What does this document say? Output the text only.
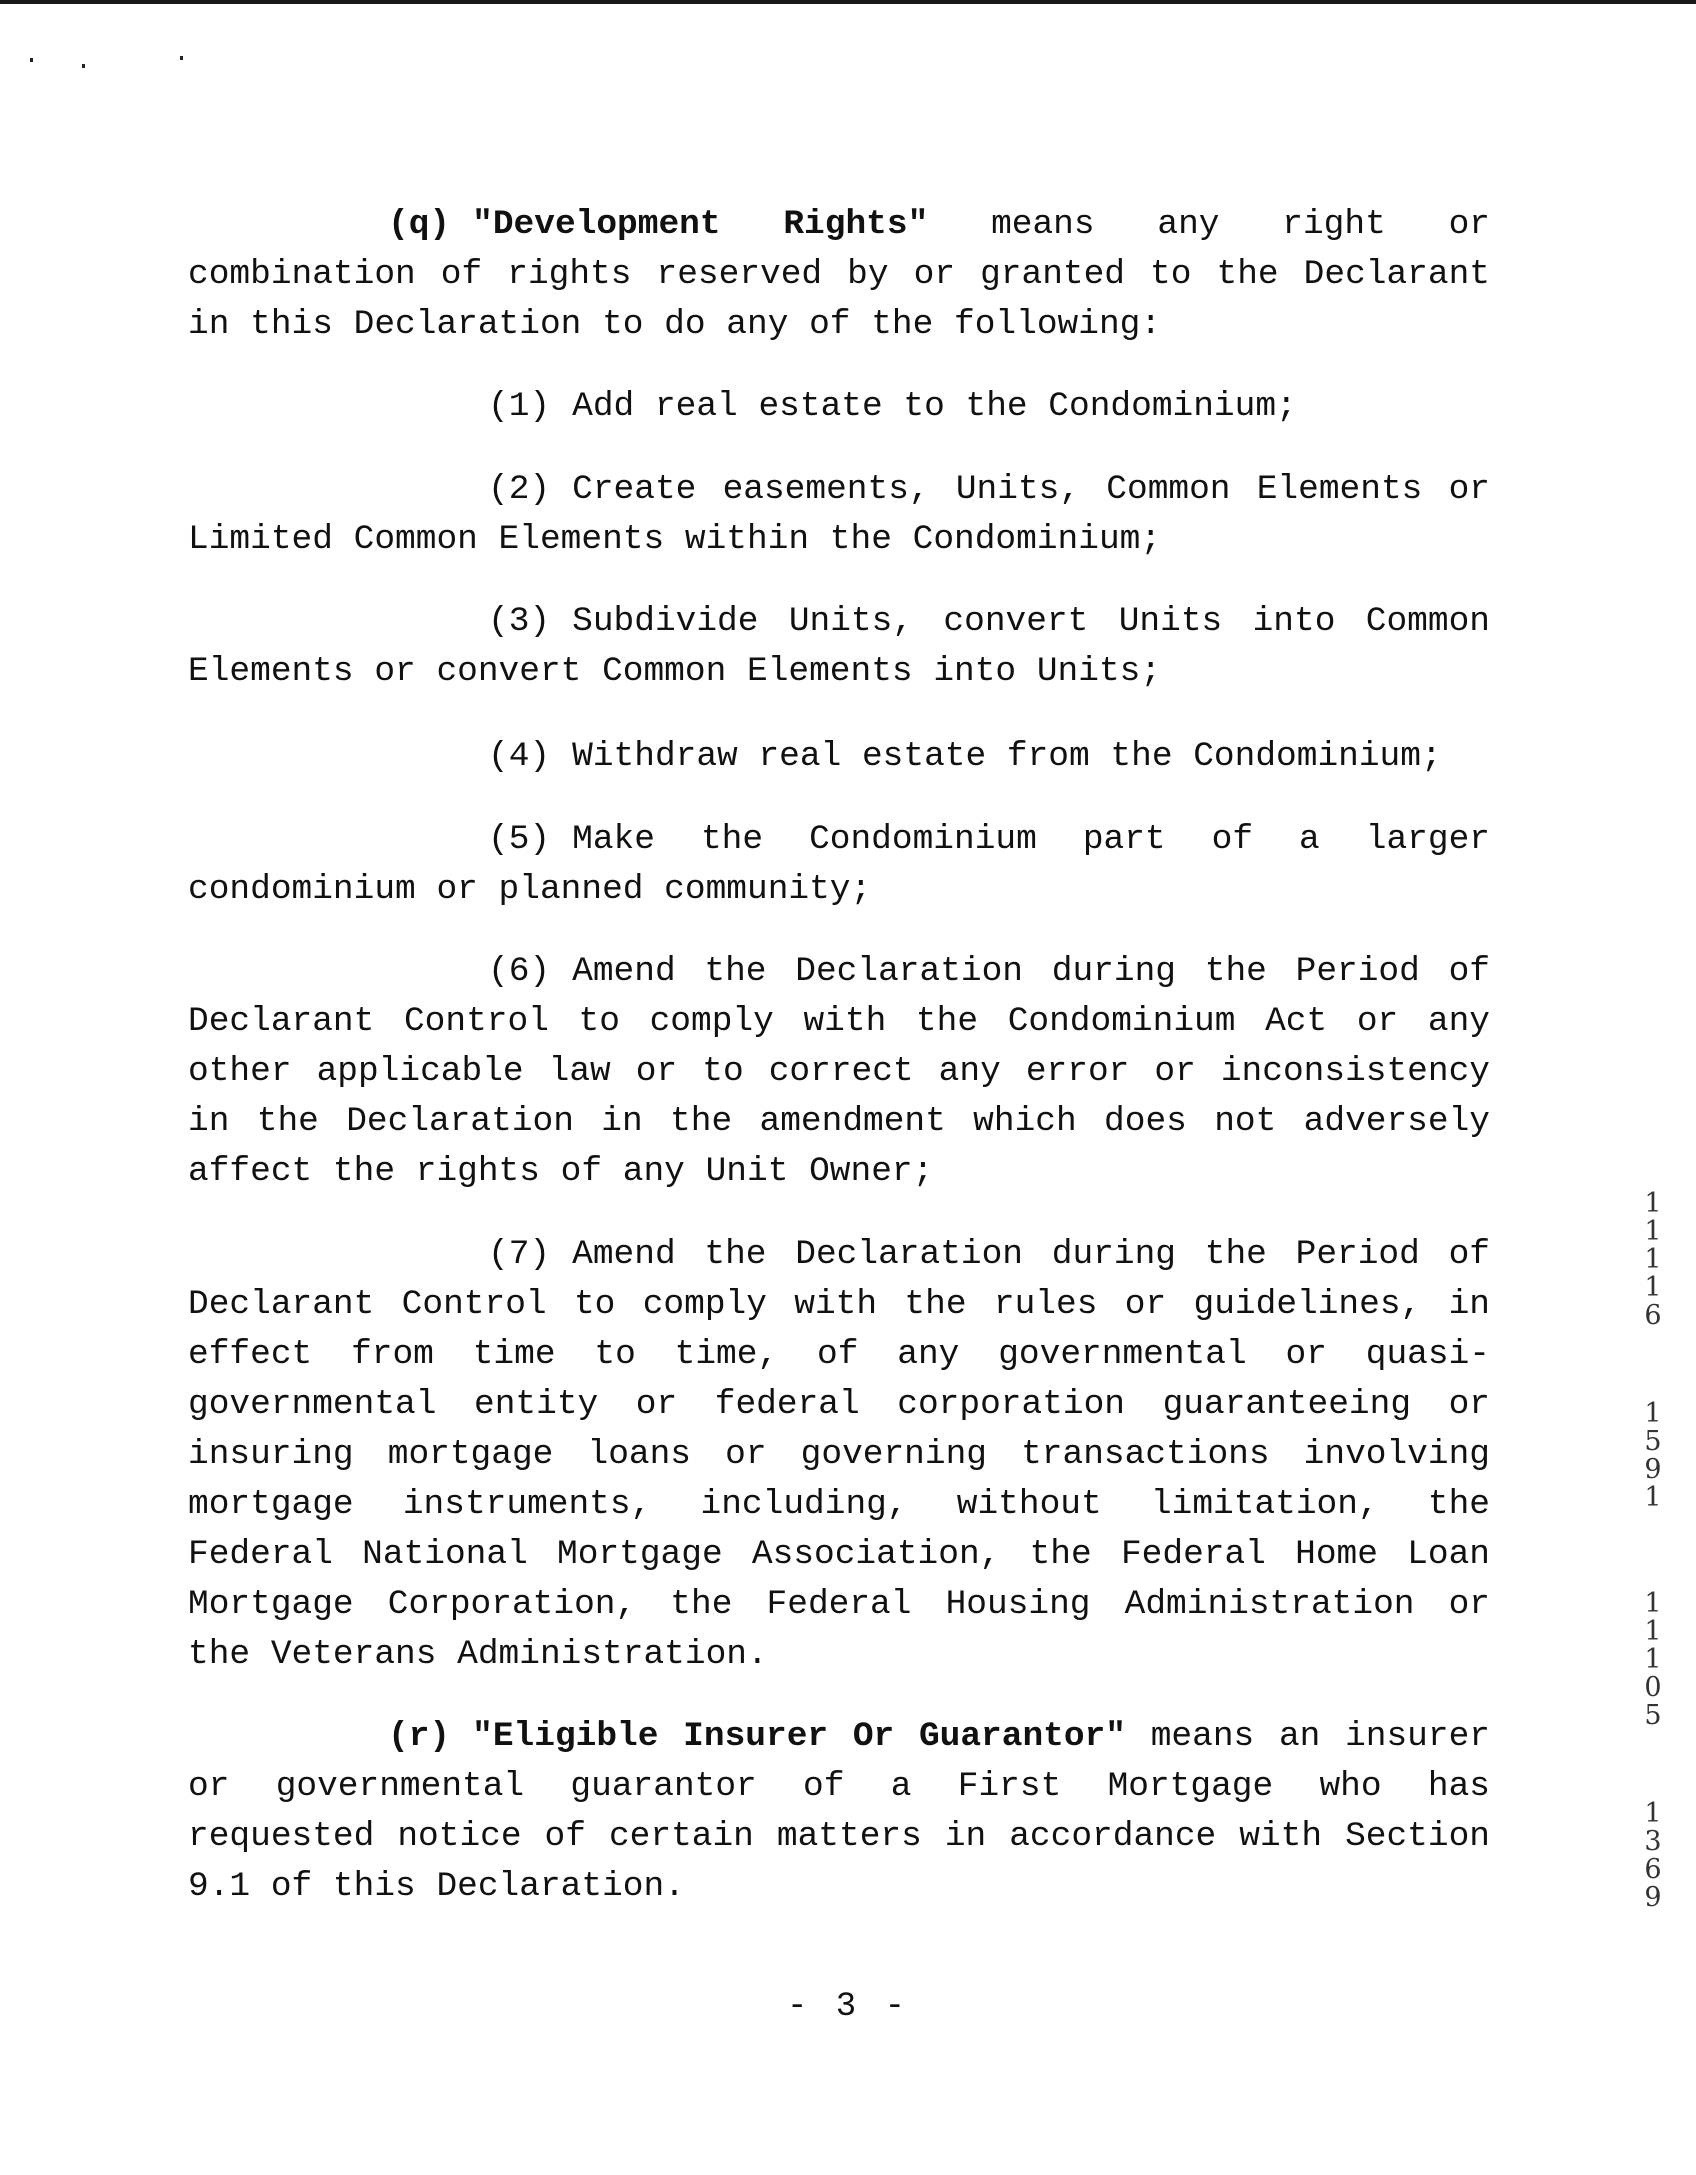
(q) "Development Rights" means any right or combination of rights reserved by or granted to the Declarant in this Declaration to do any of the following:

(1) Add real estate to the Condominium;

(2) Create easements, Units, Common Elements or Limited Common Elements within the Condominium;

(3) Subdivide Units, convert Units into Common Elements or convert Common Elements into Units;

(4) Withdraw real estate from the Condominium;

(5) Make the Condominium part of a larger condominium or planned community;

(6) Amend the Declaration during the Period of Declarant Control to comply with the Condominium Act or any other applicable law or to correct any error or inconsistency in the Declaration in the amendment which does not adversely affect the rights of any Unit Owner;

(7) Amend the Declaration during the Period of Declarant Control to comply with the rules or guidelines, in effect from time to time, of any governmental or quasi-governmental entity or federal corporation guaranteeing or insuring mortgage loans or governing transactions involving mortgage instruments, including, without limitation, the Federal National Mortgage Association, the Federal Home Loan Mortgage Corporation, the Federal Housing Administration or the Veterans Administration.

(r) "Eligible Insurer Or Guarantor" means an insurer or governmental guarantor of a First Mortgage who has requested notice of certain matters in accordance with Section 9.1 of this Declaration.

- 3 -
1
1
1
1
6
1
5
9
1
1
1
1
0
5
1
3
6
9
